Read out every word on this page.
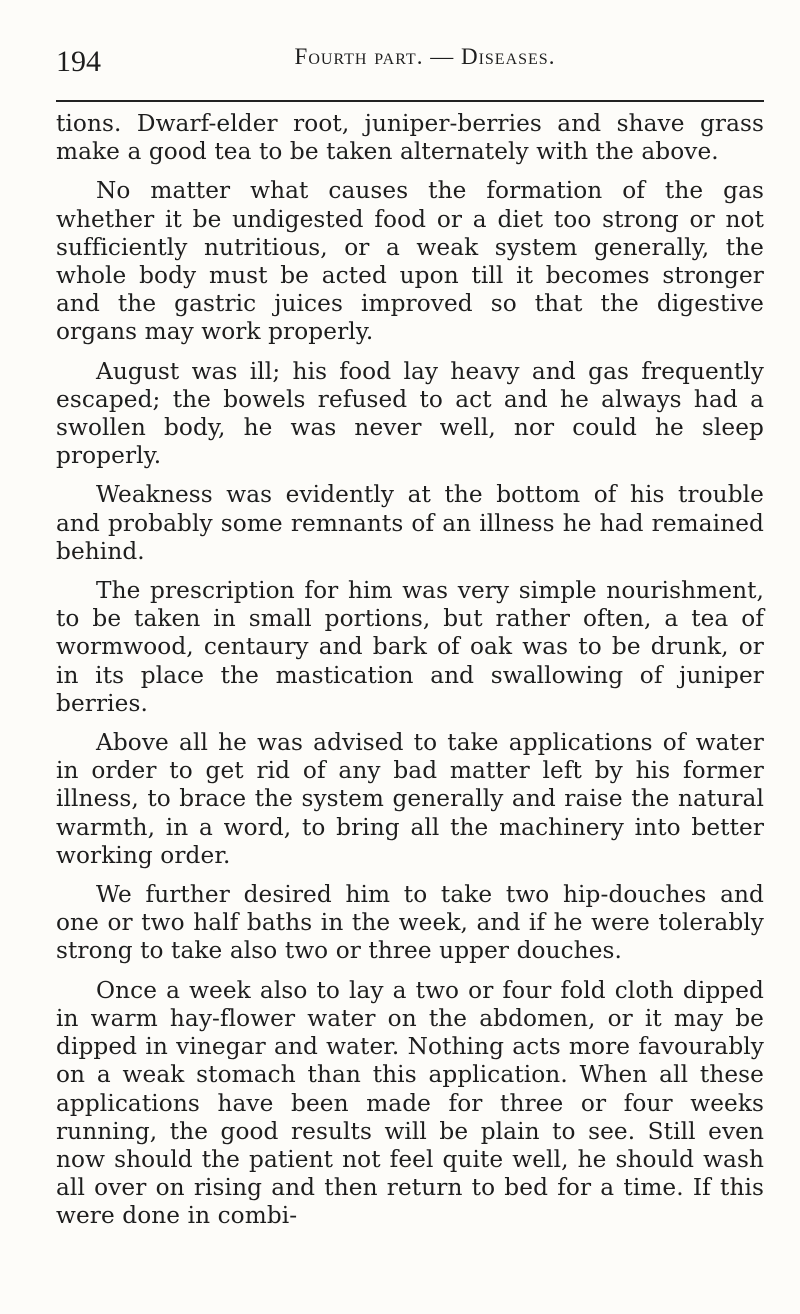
194	Fourth part. — Diseases.

tions. Dwarf-elder root, juniper-berries and shave grass make a good tea to be taken alternately with the above.

No matter what causes the formation of the gas whether it be undigested food or a diet too strong or not sufficiently nutritious, or a weak system generally, the whole body must be acted upon till it becomes stronger and the gastric juices improved so that the digestive organs may work properly.

August was ill; his food lay heavy and gas frequently escaped; the bowels refused to act and he always had a swollen body, he was never well, nor could he sleep properly.

Weakness was evidently at the bottom of his trouble and probably some remnants of an illness he had remained behind.

The prescription for him was very simple nourishment, to be taken in small portions, but rather often, a tea of wormwood, centaury and bark of oak was to be drunk, or in its place the mastication and swallowing of juniper berries.

Above all he was advised to take applications of water in order to get rid of any bad matter left by his former illness, to brace the system generally and raise the natural warmth, in a word, to bring all the machinery into better working order.

We further desired him to take two hip-douches and one or two half baths in the week, and if he were tolerably strong to take also two or three upper douches.

Once a week also to lay a two or four fold cloth dipped in warm hay-flower water on the abdomen, or it may be dipped in vinegar and water. Nothing acts more favourably on a weak stomach than this application. When all these applications have been made for three or four weeks running, the good results will be plain to see. Still even now should the patient not feel quite well, he should wash all over on rising and then return to bed for a time. If this were done in combi-
